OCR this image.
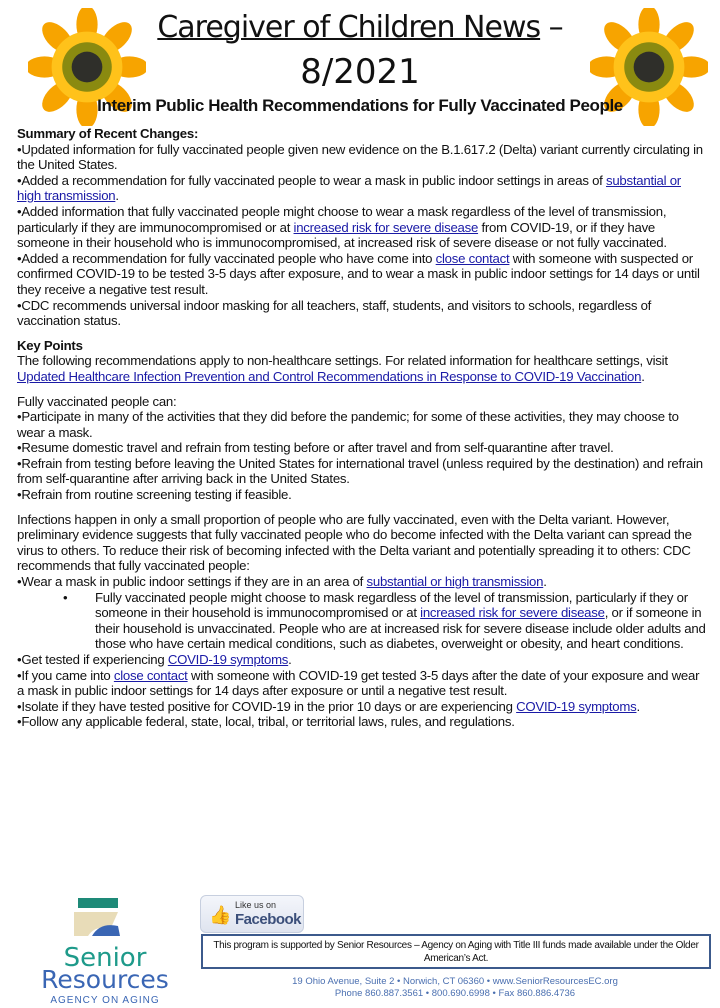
Caregiver of Children News –
8/2021
Interim Public Health Recommendations for Fully Vaccinated People

Summary of Recent Changes:

•Updated information for fully vaccinated people given new evidence on the B.1.617.2 (Delta) variant currently circulating in the United States.

•Added a recommendation for fully vaccinated people to wear a mask in public indoor settings in areas of substantial or high transmission.

•Added information that fully vaccinated people might choose to wear a mask regardless of the level of transmission, particularly if they are immunocompromised or at increased risk for severe disease from COVID-19, or if they have someone in their household who is immunocompromised, at increased risk of severe disease or not fully vaccinated.

•Added a recommendation for fully vaccinated people who have come into close contact with someone with suspected or confirmed COVID-19 to be tested 3-5 days after exposure, and to wear a mask in public indoor settings for 14 days or until they receive a negative test result.

•CDC recommends universal indoor masking for all teachers, staff, students, and visitors to schools, regardless of vaccination status.

Key Points

The following recommendations apply to non-healthcare settings. For related information for healthcare settings, visit Updated Healthcare Infection Prevention and Control Recommendations in Response to COVID-19 Vaccination.

Fully vaccinated people can:

•Participate in many of the activities that they did before the pandemic; for some of these activities, they may choose to wear a mask.

•Resume domestic travel and refrain from testing before or after travel and from self-quarantine after travel.

•Refrain from testing before leaving the United States for international travel (unless required by the destination) and refrain from self-quarantine after arriving back in the United States.

•Refrain from routine screening testing if feasible.

Infections happen in only a small proportion of people who are fully vaccinated, even with the Delta variant. However, preliminary evidence suggests that fully vaccinated people who do become infected with the Delta variant can spread the virus to others. To reduce their risk of becoming infected with the Delta variant and potentially spreading it to others: CDC recommends that fully vaccinated people:

•Wear a mask in public indoor settings if they are in an area of substantial or high transmission.

• Fully vaccinated people might choose to mask regardless of the level of transmission, particularly if they or someone in their household is immunocompromised or at increased risk for severe disease, or if someone in their household is unvaccinated. People who are at increased risk for severe disease include older adults and those who have certain medical conditions, such as diabetes, overweight or obesity, and heart conditions.

•Get tested if experiencing COVID-19 symptoms.

•If you came into close contact with someone with COVID-19 get tested 3-5 days after the date of your exposure and wear a mask in public indoor settings for 14 days after exposure or until a negative test result.

•Isolate if they have tested positive for COVID-19 in the prior 10 days or are experiencing COVID-19 symptoms.

•Follow any applicable federal, state, local, tribal, or territorial laws, rules, and regulations.

Senior
Resources
AGENCY ON AGING
👍 Like us on
Facebook
This program is supported by Senior Resources – Agency on Aging with Title III funds made available under the Older American’s Act.
19 Ohio Avenue, Suite 2 • Norwich, CT 06360 • www.SeniorResourcesEC.org
Phone 860.887.3561 • 800.690.6998 • Fax 860.886.4736
